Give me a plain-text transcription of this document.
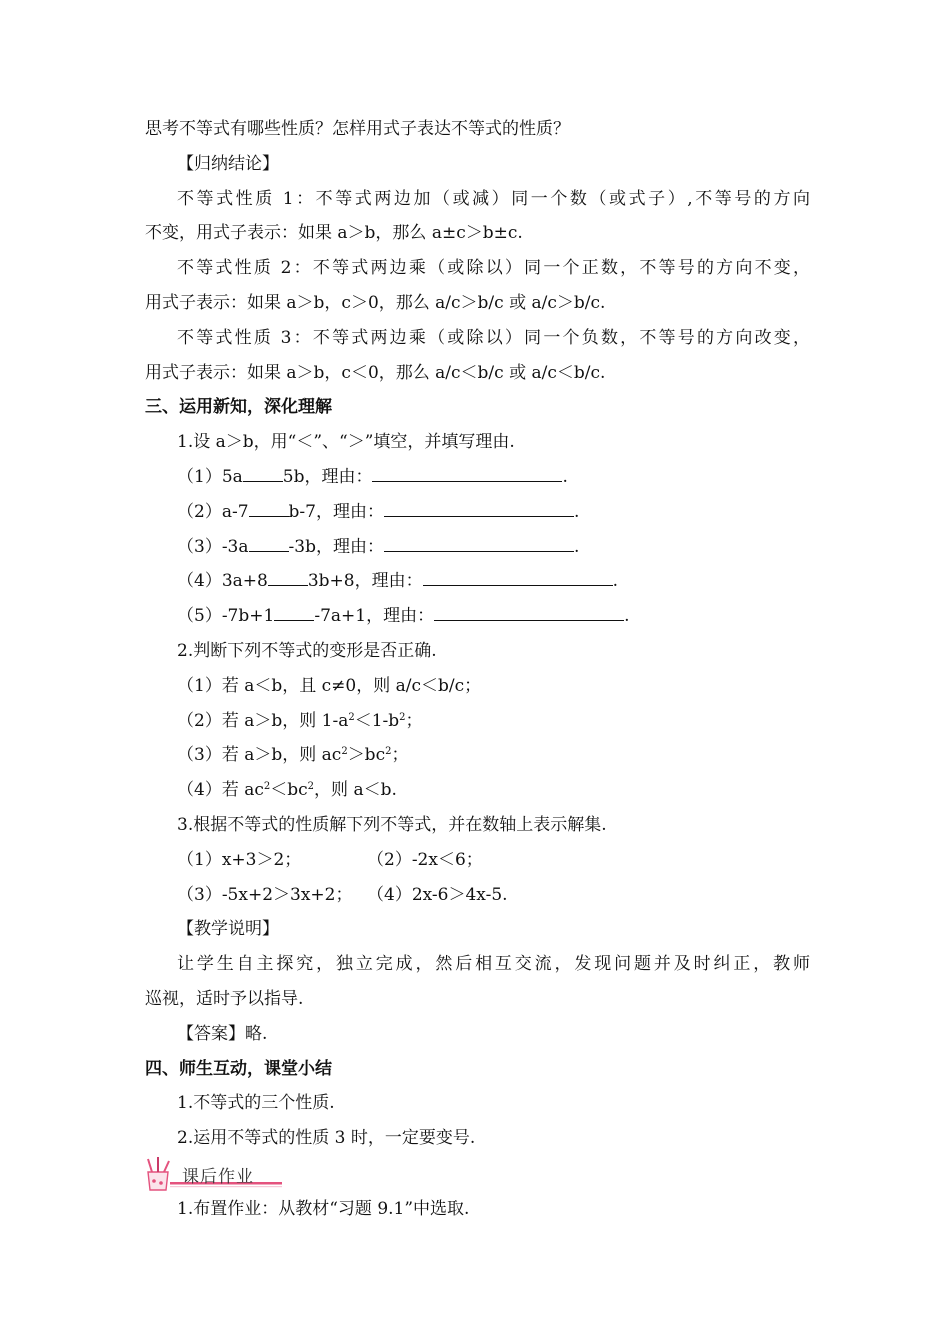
思考不等式有哪些性质？怎样用式子表达不等式的性质？
【归纳结论】
不等式性质 1：不等式两边加（或减）同一个数（或式子）,不等号的方向
不变，用式子表示：如果 a＞b，那么 a±c＞b±c.
不等式性质 2：不等式两边乘（或除以）同一个正数，不等号的方向不变，
用式子表示：如果 a＞b，c＞0，那么 a/c＞b/c 或 a/c＞b/c.
不等式性质 3：不等式两边乘（或除以）同一个负数，不等号的方向改变，
用式子表示：如果 a＞b，c＜0，那么 a/c＜b/c 或 a/c＜b/c.
三、运用新知，深化理解
1.设 a＞b，用“＜”、“＞”填空，并填写理由.
（1）5a 5b，理由：	.
（2）a-7 b-7，理由：	.
（3）-3a -3b，理由：	.
（4）3a+8 3b+8，理由：	.
（5）-7b+1 -7a+1，理由：	.
2.判断下列不等式的变形是否正确.
（1）若 a＜b，且 c≠0，则 a/c＜b/c；
（2）若 a＞b，则 $1-a^2<1-b^2$；
（3）若 a＞b，则 $ac^2>bc^2$；
（4）若 $ac^2<bc^2$，则 a＜b.
3.根据不等式的性质解下列不等式，并在数轴上表示解集.
（1）x+3＞2；	（2）-2x＜6；
（3）-5x+2＞3x+2； （4）2x-6＞4x-5.
【教学说明】
让学生自主探究，独立完成，然后相互交流，发现问题并及时纠正，教师
巡视，适时予以指导.
【答案】略.
四、师生互动，课堂小结
1.不等式的三个性质.
2.运用不等式的性质 3 时，一定要变号.
课后作业
1.布置作业：从教材“习题 9.1”中选取.
